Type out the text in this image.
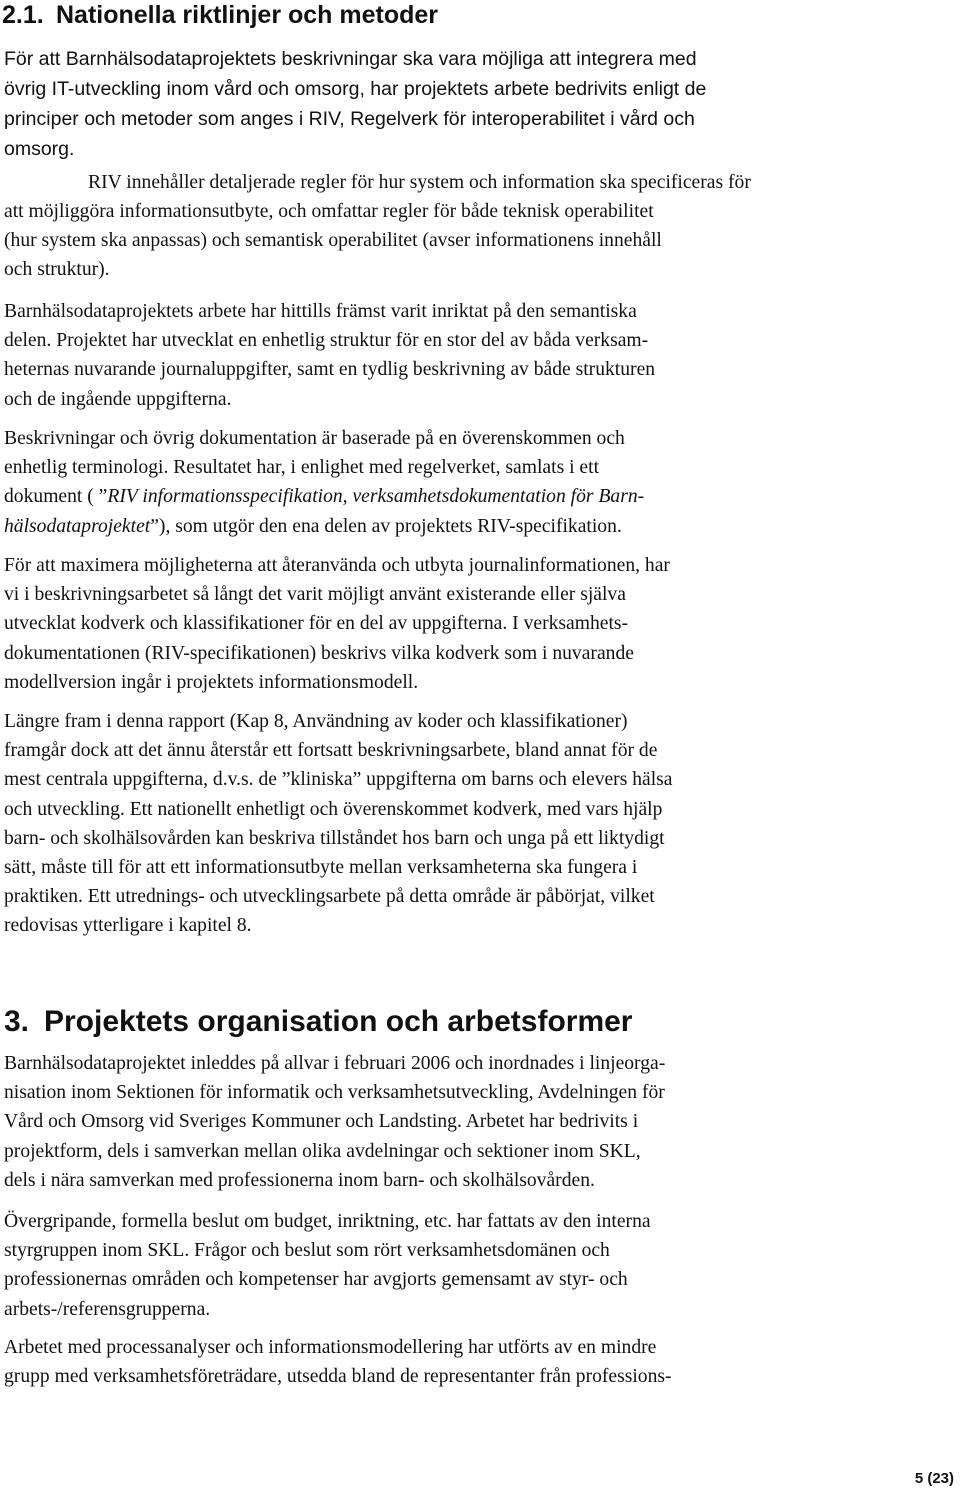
2.1. Nationella riktlinjer och metoder

För att Barnhälsodataprojektets beskrivningar ska vara möjliga att integrera med
övrig IT-utveckling inom vård och omsorg, har projektets arbete bedrivits enligt de
principer och metoder som anges i RIV, Regelverk för interoperabilitet i vård och
omsorg.

RIV innehåller detaljerade regler för hur system och information ska specificeras för

att möjliggöra informationsutbyte, och omfattar regler för både teknisk operabilitet
(hur system ska anpassas) och semantisk operabilitet (avser informationens innehåll
och struktur).

Barnhälsodataprojektets arbete har hittills främst varit inriktat på den semantiska
delen. Projektet har utvecklat en enhetlig struktur för en stor del av båda verksam-
heternas nuvarande journaluppgifter, samt en tydlig beskrivning av både strukturen
och de ingående uppgifterna.

Beskrivningar och övrig dokumentation är baserade på en överenskommen och
enhetlig terminologi. Resultatet har, i enlighet med regelverket, samlats i ett
dokument ( ”RIV informationsspecifikation, verksamhetsdokumentation för Barn-
hälsodataprojektet”), som utgör den ena delen av projektets RIV-specifikation.

För att maximera möjligheterna att återanvända och utbyta journalinformationen, har
vi i beskrivningsarbetet så långt det varit möjligt använt existerande eller själva
utvecklat kodverk och klassifikationer för en del av uppgifterna. I verksamhets-
dokumentationen (RIV-specifikationen) beskrivs vilka kodverk som i nuvarande
modellversion ingår i projektets informationsmodell.

Längre fram i denna rapport (Kap 8, Användning av koder och klassifikationer)
framgår dock att det ännu återstår ett fortsatt beskrivningsarbete, bland annat för de
mest centrala uppgifterna, d.v.s. de ”kliniska” uppgifterna om barns och elevers hälsa
och utveckling. Ett nationellt enhetligt och överenskommet kodverk, med vars hjälp
barn- och skolhälsovården kan beskriva tillståndet hos barn och unga på ett liktydigt
sätt, måste till för att ett informationsutbyte mellan verksamheterna ska fungera i
praktiken. Ett utrednings- och utvecklingsarbete på detta område är påbörjat, vilket
redovisas ytterligare i kapitel 8.

3. Projektets organisation och arbetsformer

Barnhälsodataprojektet inleddes på allvar i februari 2006 och inordnades i linjeorga-
nisation inom Sektionen för informatik och verksamhetsutveckling, Avdelningen för
Vård och Omsorg vid Sveriges Kommuner och Landsting. Arbetet har bedrivits i
projektform, dels i samverkan mellan olika avdelningar och sektioner inom SKL,
dels i nära samverkan med professionerna inom barn- och skolhälsovården.

Övergripande, formella beslut om budget, inriktning, etc. har fattats av den interna
styrgruppen inom SKL. Frågor och beslut som rört verksamhetsdomänen och
professionernas områden och kompetenser har avgjorts gemensamt av styr- och
arbets-/referensgrupperna.

Arbetet med processanalyser och informationsmodellering har utförts av en mindre
grupp med verksamhetsföreträdare, utsedda bland de representanter från professions-

5 (23)
